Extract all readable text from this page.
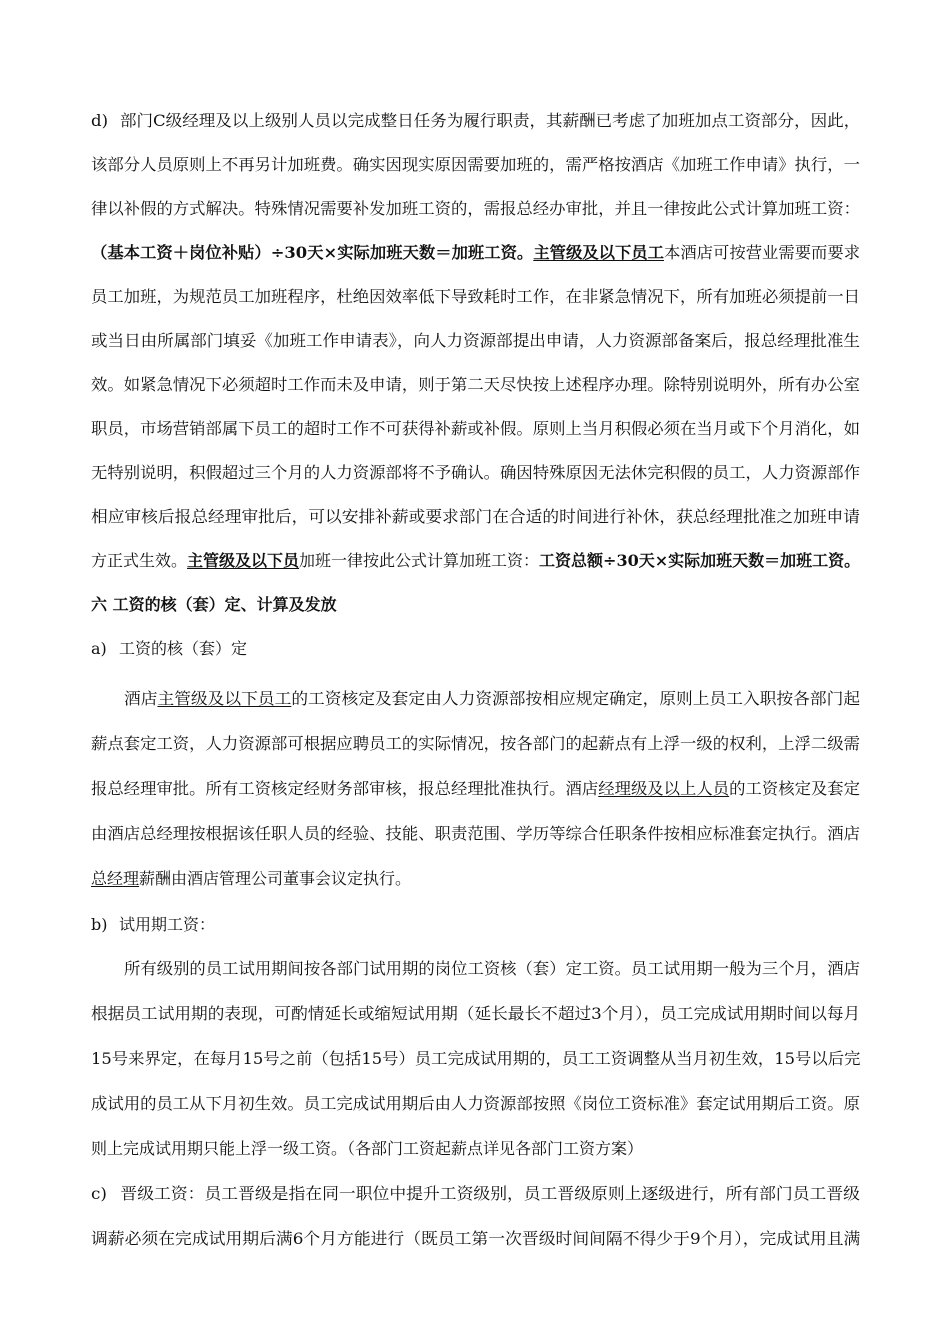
d) 部门C级经理及以上级别人员以完成整日任务为履行职责，其薪酬已考虑了加班加点工资部分，因此，
该部分人员原则上不再另计加班费。确实因现实原因需要加班的，需严格按酒店《加班工作申请》执行，一
律以补假的方式解决。特殊情况需要补发加班工资的，需报总经办审批，并且一律按此公式计算加班工资：
（基本工资＋岗位补贴）÷30天×实际加班天数＝加班工资。主管级及以下员工本酒店可按营业需要而要求
员工加班，为规范员工加班程序，杜绝因效率低下导致耗时工作，在非紧急情况下，所有加班必须提前一日
或当日由所属部门填妥《加班工作申请表》，向人力资源部提出申请，人力资源部备案后，报总经理批准生
效。如紧急情况下必须超时工作而未及申请，则于第二天尽快按上述程序办理。除特别说明外，所有办公室
职员，市场营销部属下员工的超时工作不可获得补薪或补假。原则上当月积假必须在当月或下个月消化，如
无特别说明，积假超过三个月的人力资源部将不予确认。确因特殊原因无法休完积假的员工，人力资源部作
相应审核后报总经理审批后，可以安排补薪或要求部门在合适的时间进行补休，获总经理批准之加班申请
方正式生效。主管级及以下员加班一律按此公式计算加班工资：工资总额÷30天×实际加班天数＝加班工资。
六 工资的核（套）定、计算及发放
a) 工资的核（套）定
酒店主管级及以下员工的工资核定及套定由人力资源部按相应规定确定，原则上员工入职按各部门起
薪点套定工资，人力资源部可根据应聘员工的实际情况，按各部门的起薪点有上浮一级的权利，上浮二级需
报总经理审批。所有工资核定经财务部审核，报总经理批准执行。酒店经理级及以上人员的工资核定及套定
由酒店总经理按根据该任职人员的经验、技能、职责范围、学历等综合任职条件按相应标准套定执行。酒店
总经理薪酬由酒店管理公司董事会议定执行。
b) 试用期工资：
所有级别的员工试用期间按各部门试用期的岗位工资核（套）定工资。员工试用期一般为三个月，酒店
根据员工试用期的表现，可酌情延长或缩短试用期（延长最长不超过3个月），员工完成试用期时间以每月
15号来界定，在每月15号之前（包括15号）员工完成试用期的，员工工资调整从当月初生效，15号以后完
成试用的员工从下月初生效。员工完成试用期后由人力资源部按照《岗位工资标准》套定试用期后工资。原
则上完成试用期只能上浮一级工资。（各部门工资起薪点详见各部门工资方案）
c) 晋级工资：员工晋级是指在同一职位中提升工资级别，员工晋级原则上逐级进行，所有部门员工晋级
调薪必须在完成试用期后满6个月方能进行（既员工第一次晋级时间间隔不得少于9个月），完成试用且满
